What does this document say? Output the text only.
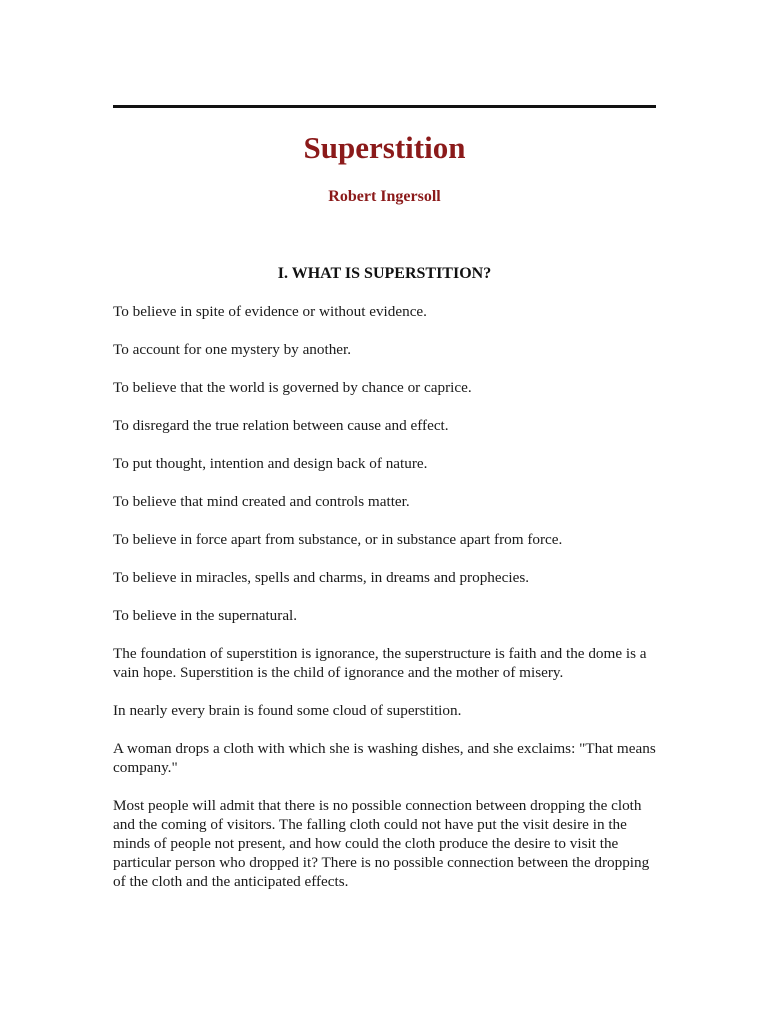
Superstition
Robert Ingersoll
I. WHAT IS SUPERSTITION?

To believe in spite of evidence or without evidence.

To account for one mystery by another.

To believe that the world is governed by chance or caprice.

To disregard the true relation between cause and effect.

To put thought, intention and design back of nature.

To believe that mind created and controls matter.

To believe in force apart from substance, or in substance apart from force.

To believe in miracles, spells and charms, in dreams and prophecies.

To believe in the supernatural.

The foundation of superstition is ignorance, the superstructure is faith and the dome is a vain hope. Superstition is the child of ignorance and the mother of misery.

In nearly every brain is found some cloud of superstition.

A woman drops a cloth with which she is washing dishes, and she exclaims: "That means company."

Most people will admit that there is no possible connection between dropping the cloth and the coming of visitors. The falling cloth could not have put the visit desire in the minds of people not present, and how could the cloth produce the desire to visit the particular person who dropped it? There is no possible connection between the dropping of the cloth and the anticipated effects.
